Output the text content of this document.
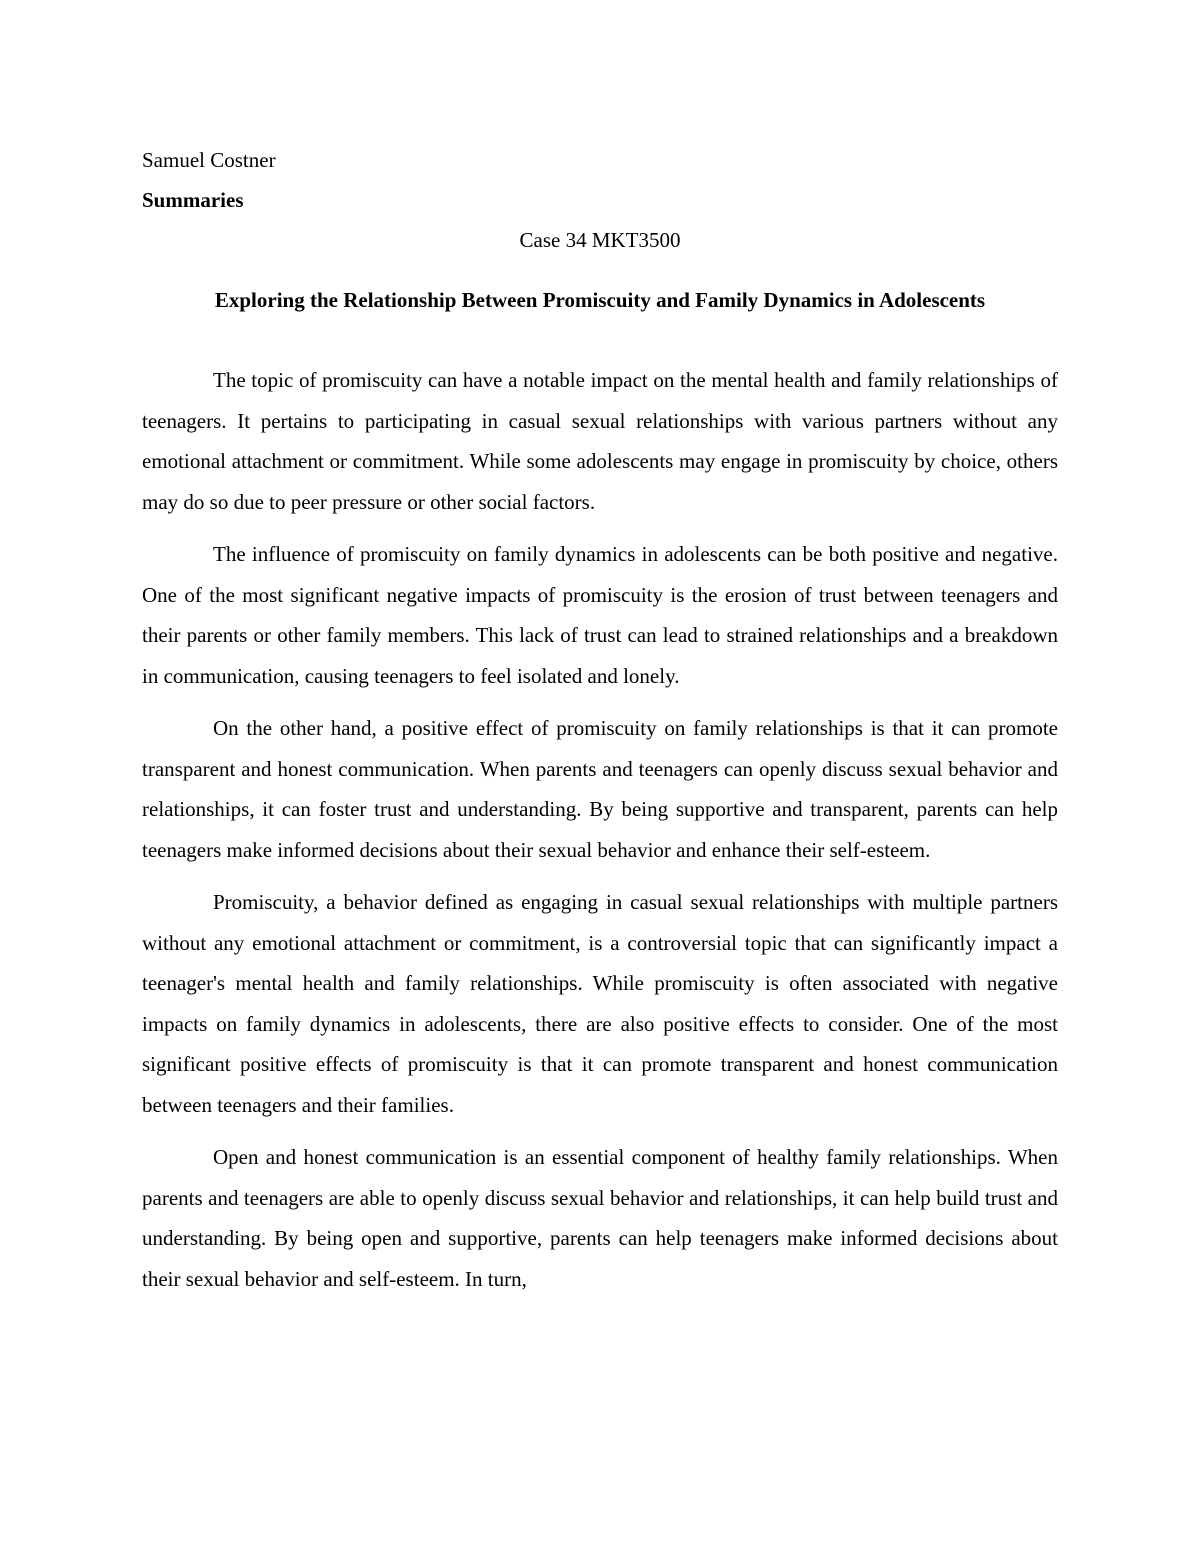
Samuel Costner

Summaries

Case 34 MKT3500

Exploring the Relationship Between Promiscuity and Family Dynamics in Adolescents

The topic of promiscuity can have a notable impact on the mental health and family relationships of teenagers. It pertains to participating in casual sexual relationships with various partners without any emotional attachment or commitment. While some adolescents may engage in promiscuity by choice, others may do so due to peer pressure or other social factors.

The influence of promiscuity on family dynamics in adolescents can be both positive and negative. One of the most significant negative impacts of promiscuity is the erosion of trust between teenagers and their parents or other family members. This lack of trust can lead to strained relationships and a breakdown in communication, causing teenagers to feel isolated and lonely.

On the other hand, a positive effect of promiscuity on family relationships is that it can promote transparent and honest communication. When parents and teenagers can openly discuss sexual behavior and relationships, it can foster trust and understanding. By being supportive and transparent, parents can help teenagers make informed decisions about their sexual behavior and enhance their self-esteem.

Promiscuity, a behavior defined as engaging in casual sexual relationships with multiple partners without any emotional attachment or commitment, is a controversial topic that can significantly impact a teenager's mental health and family relationships. While promiscuity is often associated with negative impacts on family dynamics in adolescents, there are also positive effects to consider. One of the most significant positive effects of promiscuity is that it can promote transparent and honest communication between teenagers and their families.

Open and honest communication is an essential component of healthy family relationships. When parents and teenagers are able to openly discuss sexual behavior and relationships, it can help build trust and understanding. By being open and supportive, parents can help teenagers make informed decisions about their sexual behavior and self-esteem. In turn,
